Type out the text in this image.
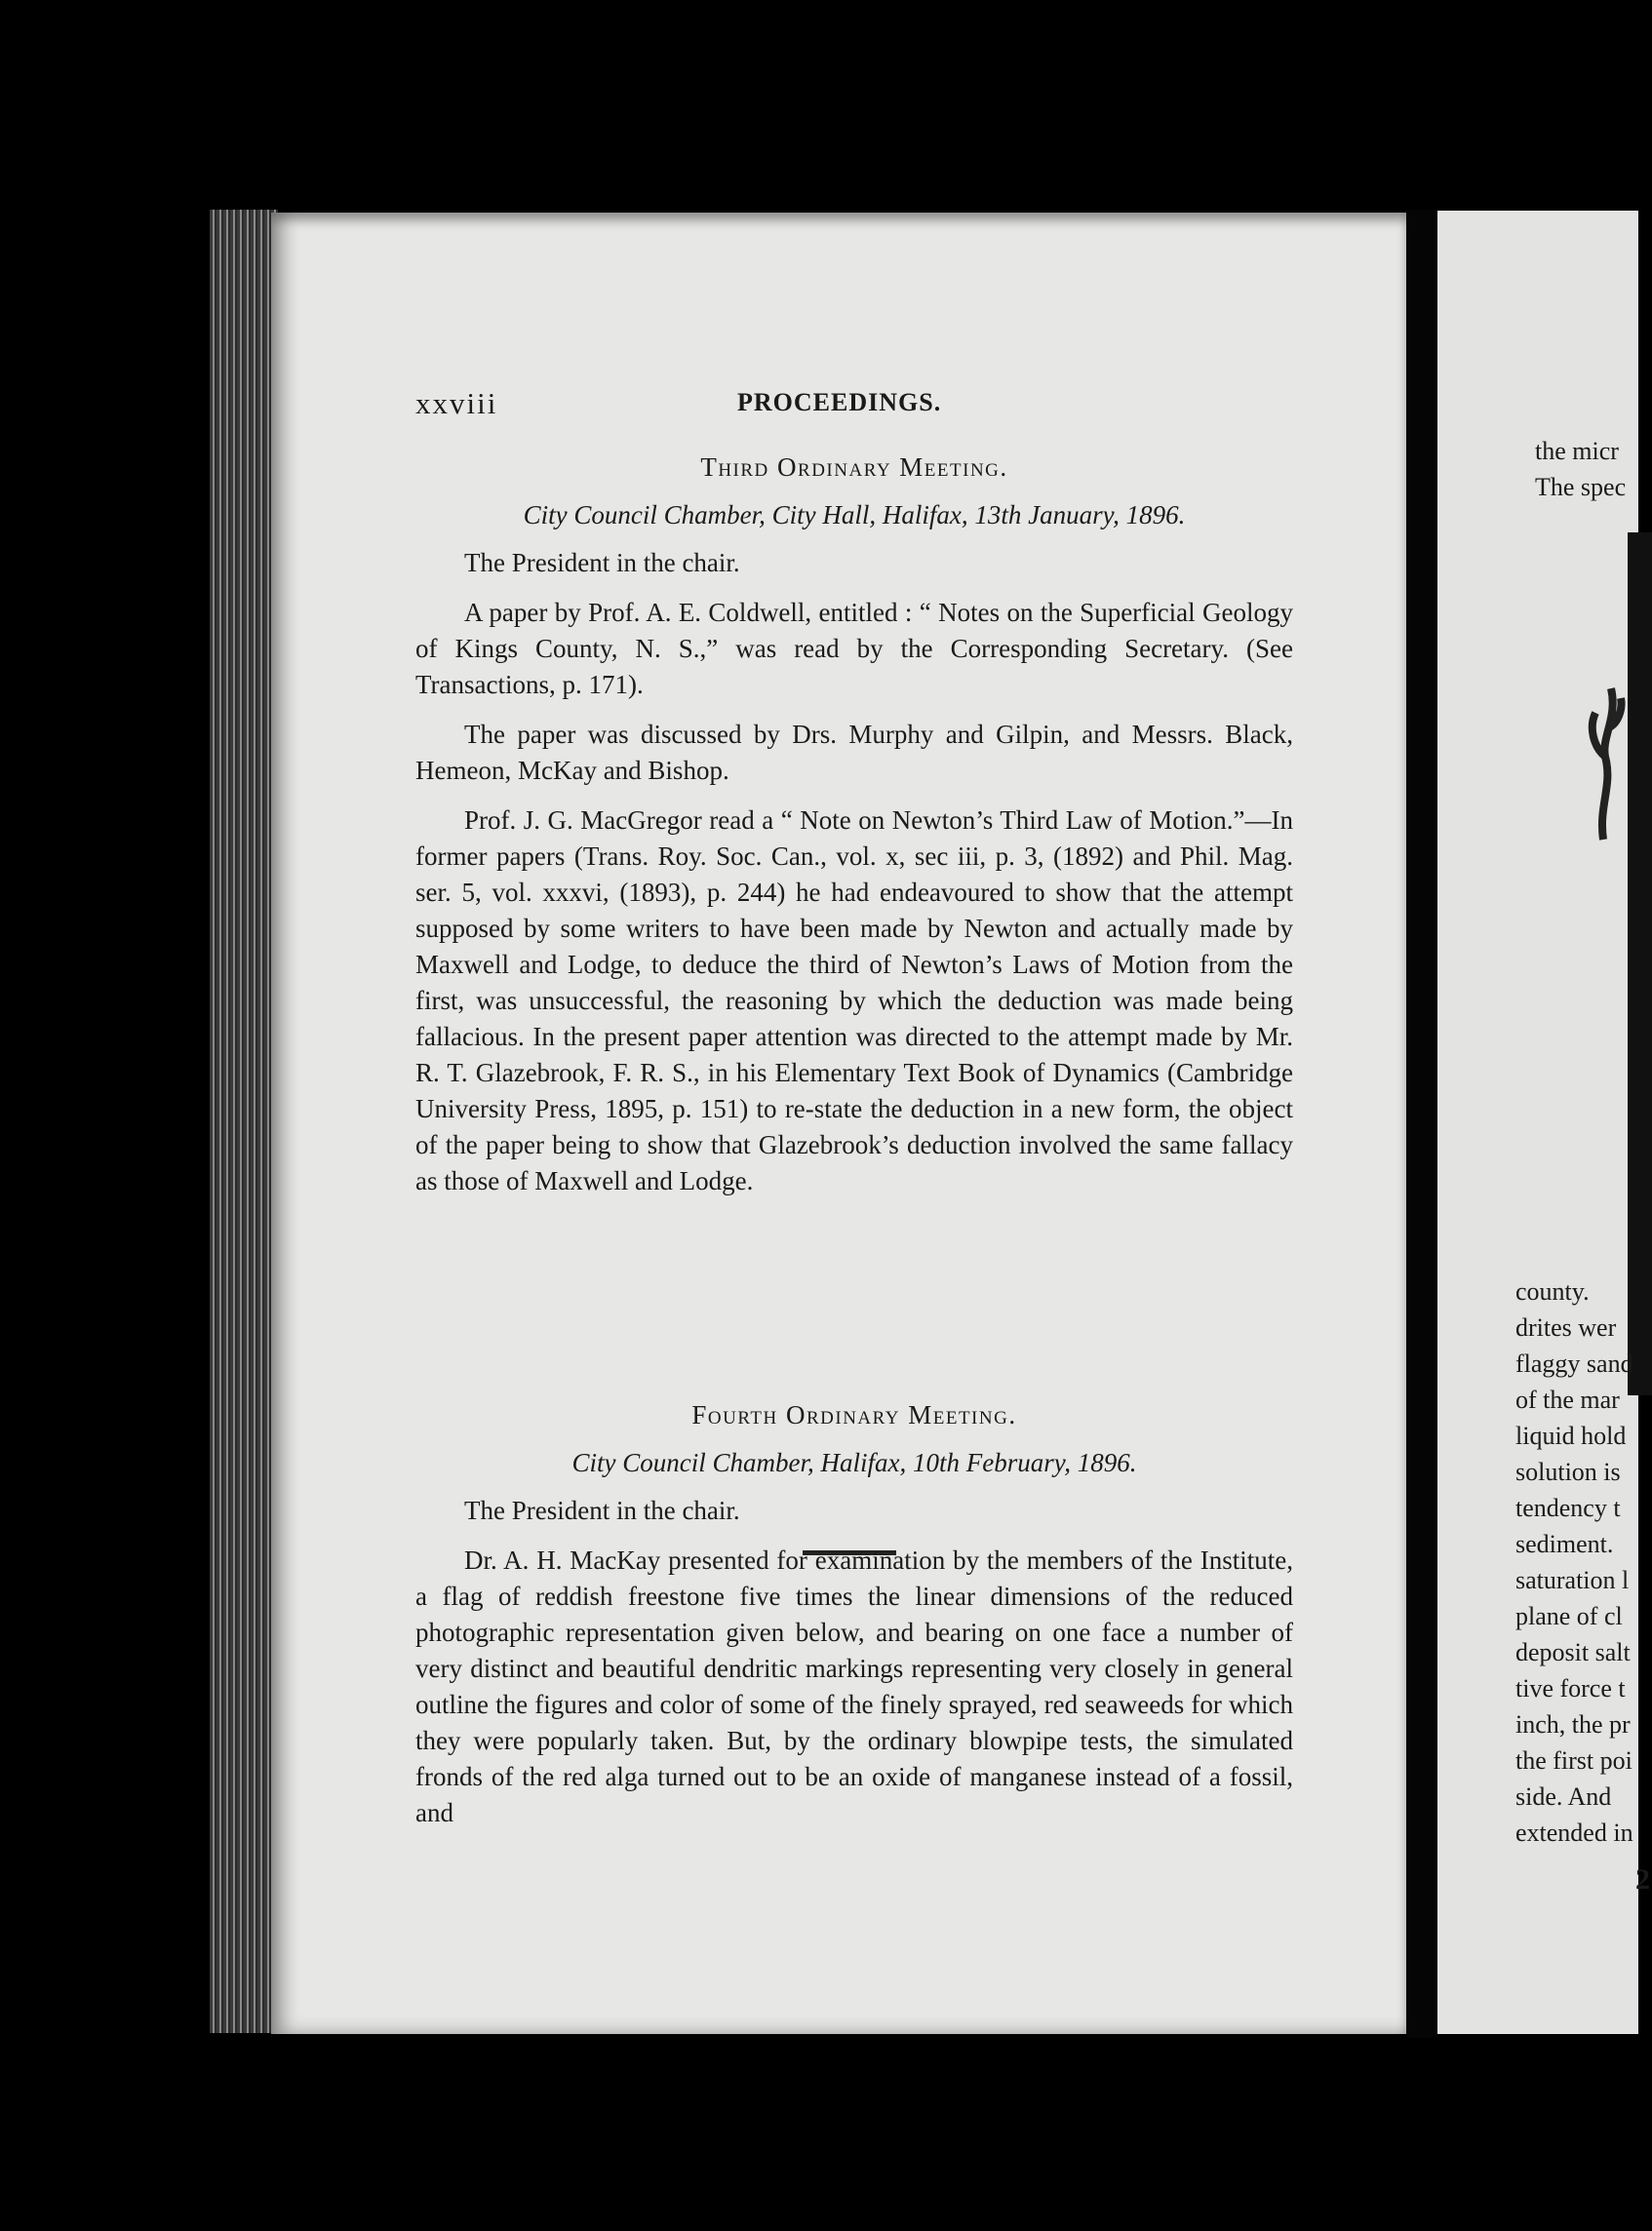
xxviii	PROCEEDINGS.
Third Ordinary Meeting.
City Council Chamber, City Hall, Halifax, 13th January, 1896.

The President in the chair.

A paper by Prof. A. E. Coldwell, entitled : “ Notes on the Superficial Geology of Kings County, N. S.,” was read by the Corresponding Secretary. (See Transactions, p. 171).

The paper was discussed by Drs. Murphy and Gilpin, and Messrs. Black, Hemeon, McKay and Bishop.

Prof. J. G. MacGregor read a “ Note on Newton’s Third Law of Motion.”—In former papers (Trans. Roy. Soc. Can., vol. x, sec iii, p. 3, (1892) and Phil. Mag. ser. 5, vol. xxxvi, (1893), p. 244) he had endeavoured to show that the attempt supposed by some writers to have been made by Newton and actually made by Maxwell and Lodge, to deduce the third of Newton’s Laws of Motion from the first, was unsuccessful, the reasoning by which the deduction was made being fallacious. In the present paper attention was directed to the attempt made by Mr. R. T. Glazebrook, F. R. S., in his Elementary Text Book of Dynamics (Cambridge University Press, 1895, p. 151) to re-state the deduction in a new form, the object of the paper being to show that Glazebrook’s deduction involved the same fallacy as those of Maxwell and Lodge.

Fourth Ordinary Meeting.
City Council Chamber, Halifax, 10th February, 1896.

The President in the chair.

Dr. A. H. MacKay presented for examination by the members of the Institute, a flag of reddish freestone five times the linear dimensions of the reduced photographic representation given below, and bearing on one face a number of very distinct and beautiful dendritic markings representing very closely in general outline the figures and color of some of the finely sprayed, red seaweeds for which they were popularly taken. But, by the ordinary blowpipe tests, the simulated fronds of the red alga turned out to be an oxide of manganese instead of a fossil, and

the micr
The spec
county.
drites wer
flaggy sand
of the mar
liquid hold
solution is
tendency t
sediment.
saturation l
plane of cl
deposit salt
tive force t
inch, the pr
the first poi
side. And
extended in
2
